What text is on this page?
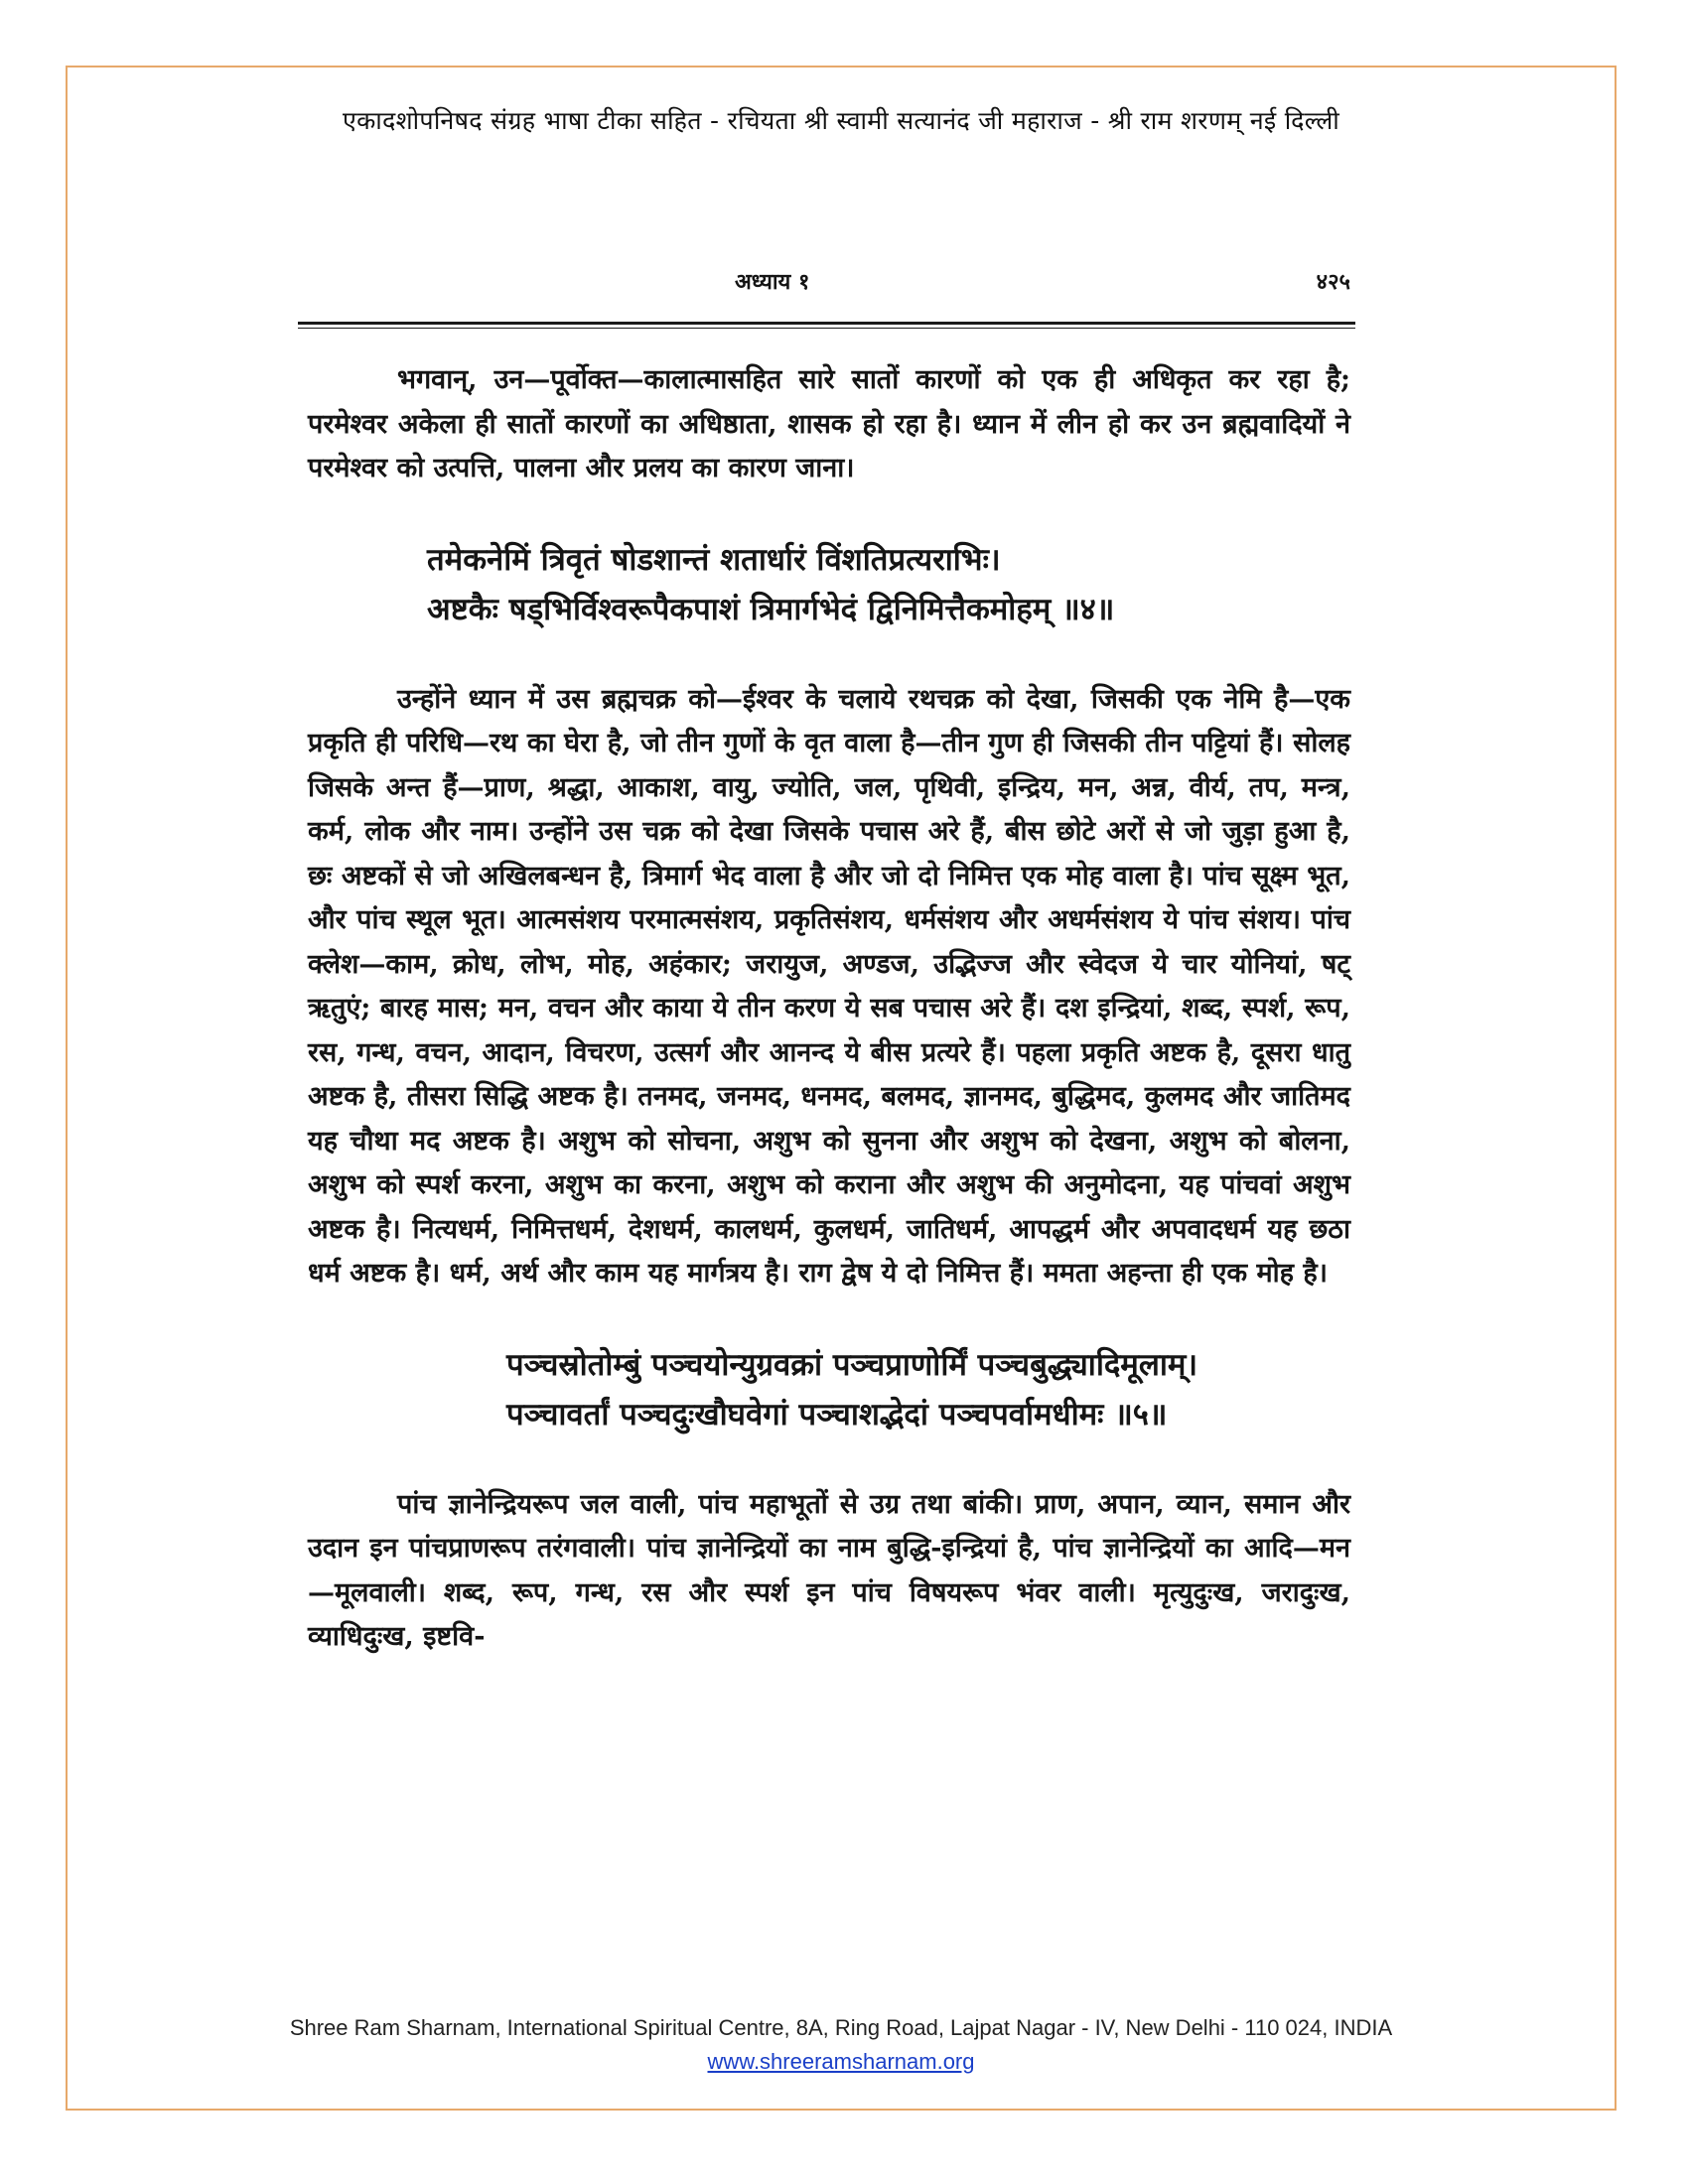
एकादशोपनिषद संग्रह भाषा टीका सहित - रचियता श्री स्वामी सत्यानंद जी महाराज - श्री राम शरणम् नई दिल्ली
अध्याय १	४२५

भगवान्, उन—पूर्वोक्त—कालात्मासहित सारे सातों कारणों को एक ही अधिकृत कर रहा है; परमेश्वर अकेला ही सातों कारणों का अधिष्ठाता, शासक हो रहा है। ध्यान में लीन हो कर उन ब्रह्मवादियों ने परमेश्वर को उत्पत्ति, पालना और प्रलय का कारण जाना।

तमेकनेमिं त्रिवृतं षोडशान्तं शतार्धारं विंशतिप्रत्यराभिः।
अष्टकैः षड्भिर्विश्वरूपैकपाशं त्रिमार्गभेदं द्विनिमित्तैकमोहम् ॥४॥

उन्होंने ध्यान में उस ब्रह्मचक्र को—ईश्वर के चलाये रथचक्र को देखा, जिसकी एक नेमि है—एक प्रकृति ही परिधि—रथ का घेरा है, जो तीन गुणों के वृत वाला है—तीन गुण ही जिसकी तीन पट्टियां हैं। सोलह जिसके अन्त हैं—प्राण, श्रद्धा, आकाश, वायु, ज्योति, जल, पृथिवी, इन्द्रिय, मन, अन्न, वीर्य, तप, मन्त्र, कर्म, लोक और नाम। उन्होंने उस चक्र को देखा जिसके पचास अरे हैं, बीस छोटे अरों से जो जुड़ा हुआ है, छः अष्टकों से जो अखिलबन्धन है, त्रिमार्ग भेद वाला है और जो दो निमित्त एक मोह वाला है। पांच सूक्ष्म भूत, और पांच स्थूल भूत। आत्मसंशय परमात्मसंशय, प्रकृतिसंशय, धर्मसंशय और अधर्मसंशय ये पांच संशय। पांच क्लेश—काम, क्रोध, लोभ, मोह, अहंकार; जरायुज, अण्डज, उद्भिज्ज और स्वेदज ये चार योनियां, षट् ऋतुएं; बारह मास; मन, वचन और काया ये तीन करण ये सब पचास अरे हैं। दश इन्द्रियां, शब्द, स्पर्श, रूप, रस, गन्ध, वचन, आदान, विचरण, उत्सर्ग और आनन्द ये बीस प्रत्यरे हैं। पहला प्रकृति अष्टक है, दूसरा धातु अष्टक है, तीसरा सिद्धि अष्टक है। तनमद, जनमद, धनमद, बलमद, ज्ञानमद, बुद्धिमद, कुलमद और जातिमद यह चौथा मद अष्टक है। अशुभ को सोचना, अशुभ को सुनना और अशुभ को देखना, अशुभ को बोलना, अशुभ को स्पर्श करना, अशुभ का करना, अशुभ को कराना और अशुभ की अनुमोदना, यह पांचवां अशुभ अष्टक है। नित्यधर्म, निमित्तधर्म, देशधर्म, कालधर्म, कुलधर्म, जातिधर्म, आपद्धर्म और अपवादधर्म यह छठा धर्म अष्टक है। धर्म, अर्थ और काम यह मार्गत्रय है। राग द्वेष ये दो निमित्त हैं। ममता अहन्ता ही एक मोह है।

पञ्चस्रोतोम्बुं पञ्चयोन्युग्रवक्रां पञ्चप्राणोर्मिं पञ्चबुद्ध्यादिमूलाम्।
पञ्चावर्तां पञ्चदुःखौघवेगां पञ्चाशद्भेदां पञ्चपर्वामधीमः ॥५॥

पांच ज्ञानेन्द्रियरूप जल वाली, पांच महाभूतों से उग्र तथा बांकी। प्राण, अपान, व्यान, समान और उदान इन पांचप्राणरूप तरंगवाली। पांच ज्ञानेन्द्रियों का नाम बुद्धि-इन्द्रियां है, पांच ज्ञानेन्द्रियों का आदि—मन—मूलवाली। शब्द, रूप, गन्ध, रस और स्पर्श इन पांच विषयरूप भंवर वाली। मृत्युदुःख, जरादुःख, व्याधिदुःख, इष्टवि-

Shree Ram Sharnam, International Spiritual Centre, 8A, Ring Road, Lajpat Nagar - IV, New Delhi - 110 024, INDIA
www.shreeramsharnam.org
